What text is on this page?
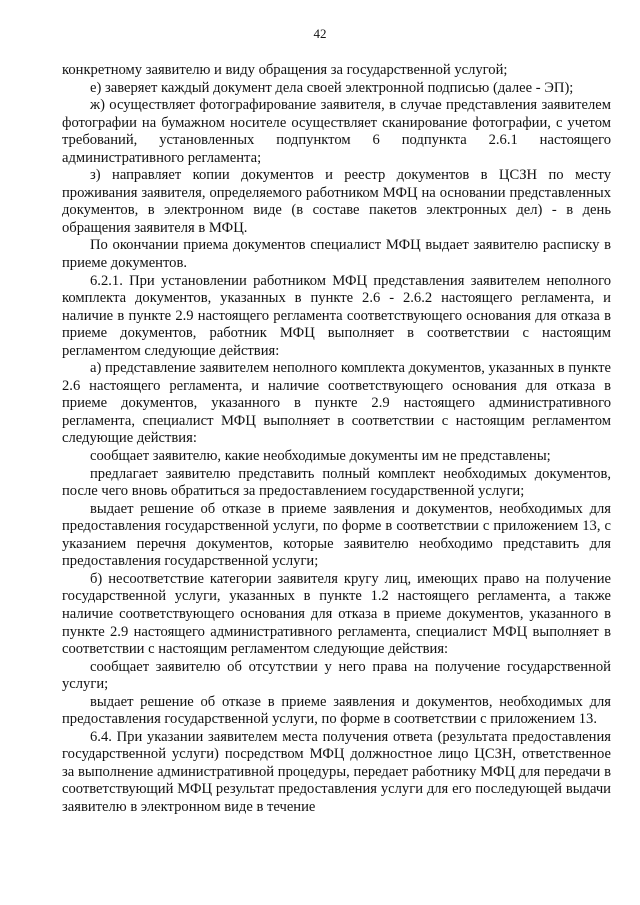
42

конкретному заявителю и виду обращения за государственной услугой;

е) заверяет каждый документ дела своей электронной подписью (далее - ЭП);

ж) осуществляет фотографирование заявителя, в случае представления заявителем фотографии на бумажном носителе осуществляет сканирование фотографии, с учетом требований, установленных подпунктом 6 подпункта 2.6.1 настоящего административного регламента;

з) направляет копии документов и реестр документов в ЦСЗН по месту проживания заявителя, определяемого работником МФЦ на основании представленных документов, в электронном виде (в составе пакетов электронных дел) - в день обращения заявителя в МФЦ.

По окончании приема документов специалист МФЦ выдает заявителю расписку в приеме документов.

6.2.1. При установлении работником МФЦ представления заявителем неполного комплекта документов, указанных в пункте 2.6 - 2.6.2 настоящего регламента, и наличие в пункте 2.9 настоящего регламента соответствующего основания для отказа в приеме документов, работник МФЦ выполняет в соответствии с настоящим регламентом следующие действия:

а) представление заявителем неполного комплекта документов, указанных в пункте 2.6 настоящего регламента, и наличие соответствующего основания для отказа в приеме документов, указанного в пункте 2.9 настоящего административного регламента, специалист МФЦ выполняет в соответствии с настоящим регламентом следующие действия:

сообщает заявителю, какие необходимые документы им не представлены;

предлагает заявителю представить полный комплект необходимых документов, после чего вновь обратиться за предоставлением государственной услуги;

выдает решение об отказе в приеме заявления и документов, необходимых для предоставления государственной услуги, по форме в соответствии с приложением 13, с указанием перечня документов, которые заявителю необходимо представить для предоставления государственной услуги;

б) несоответствие категории заявителя кругу лиц, имеющих право на получение государственной услуги, указанных в пункте 1.2 настоящего регламента, а также наличие соответствующего основания для отказа в приеме документов, указанного в пункте 2.9 настоящего административного регламента, специалист МФЦ выполняет в соответствии с настоящим регламентом следующие действия:

сообщает заявителю об отсутствии у него права на получение государственной услуги;

выдает решение об отказе в приеме заявления и документов, необходимых для предоставления государственной услуги, по форме в соответствии с приложением 13.

6.4. При указании заявителем места получения ответа (результата предоставления государственной услуги) посредством МФЦ должностное лицо ЦСЗН, ответственное за выполнение административной процедуры, передает работнику МФЦ для передачи в соответствующий МФЦ результат предоставления услуги для его последующей выдачи заявителю в электронном виде в течение
